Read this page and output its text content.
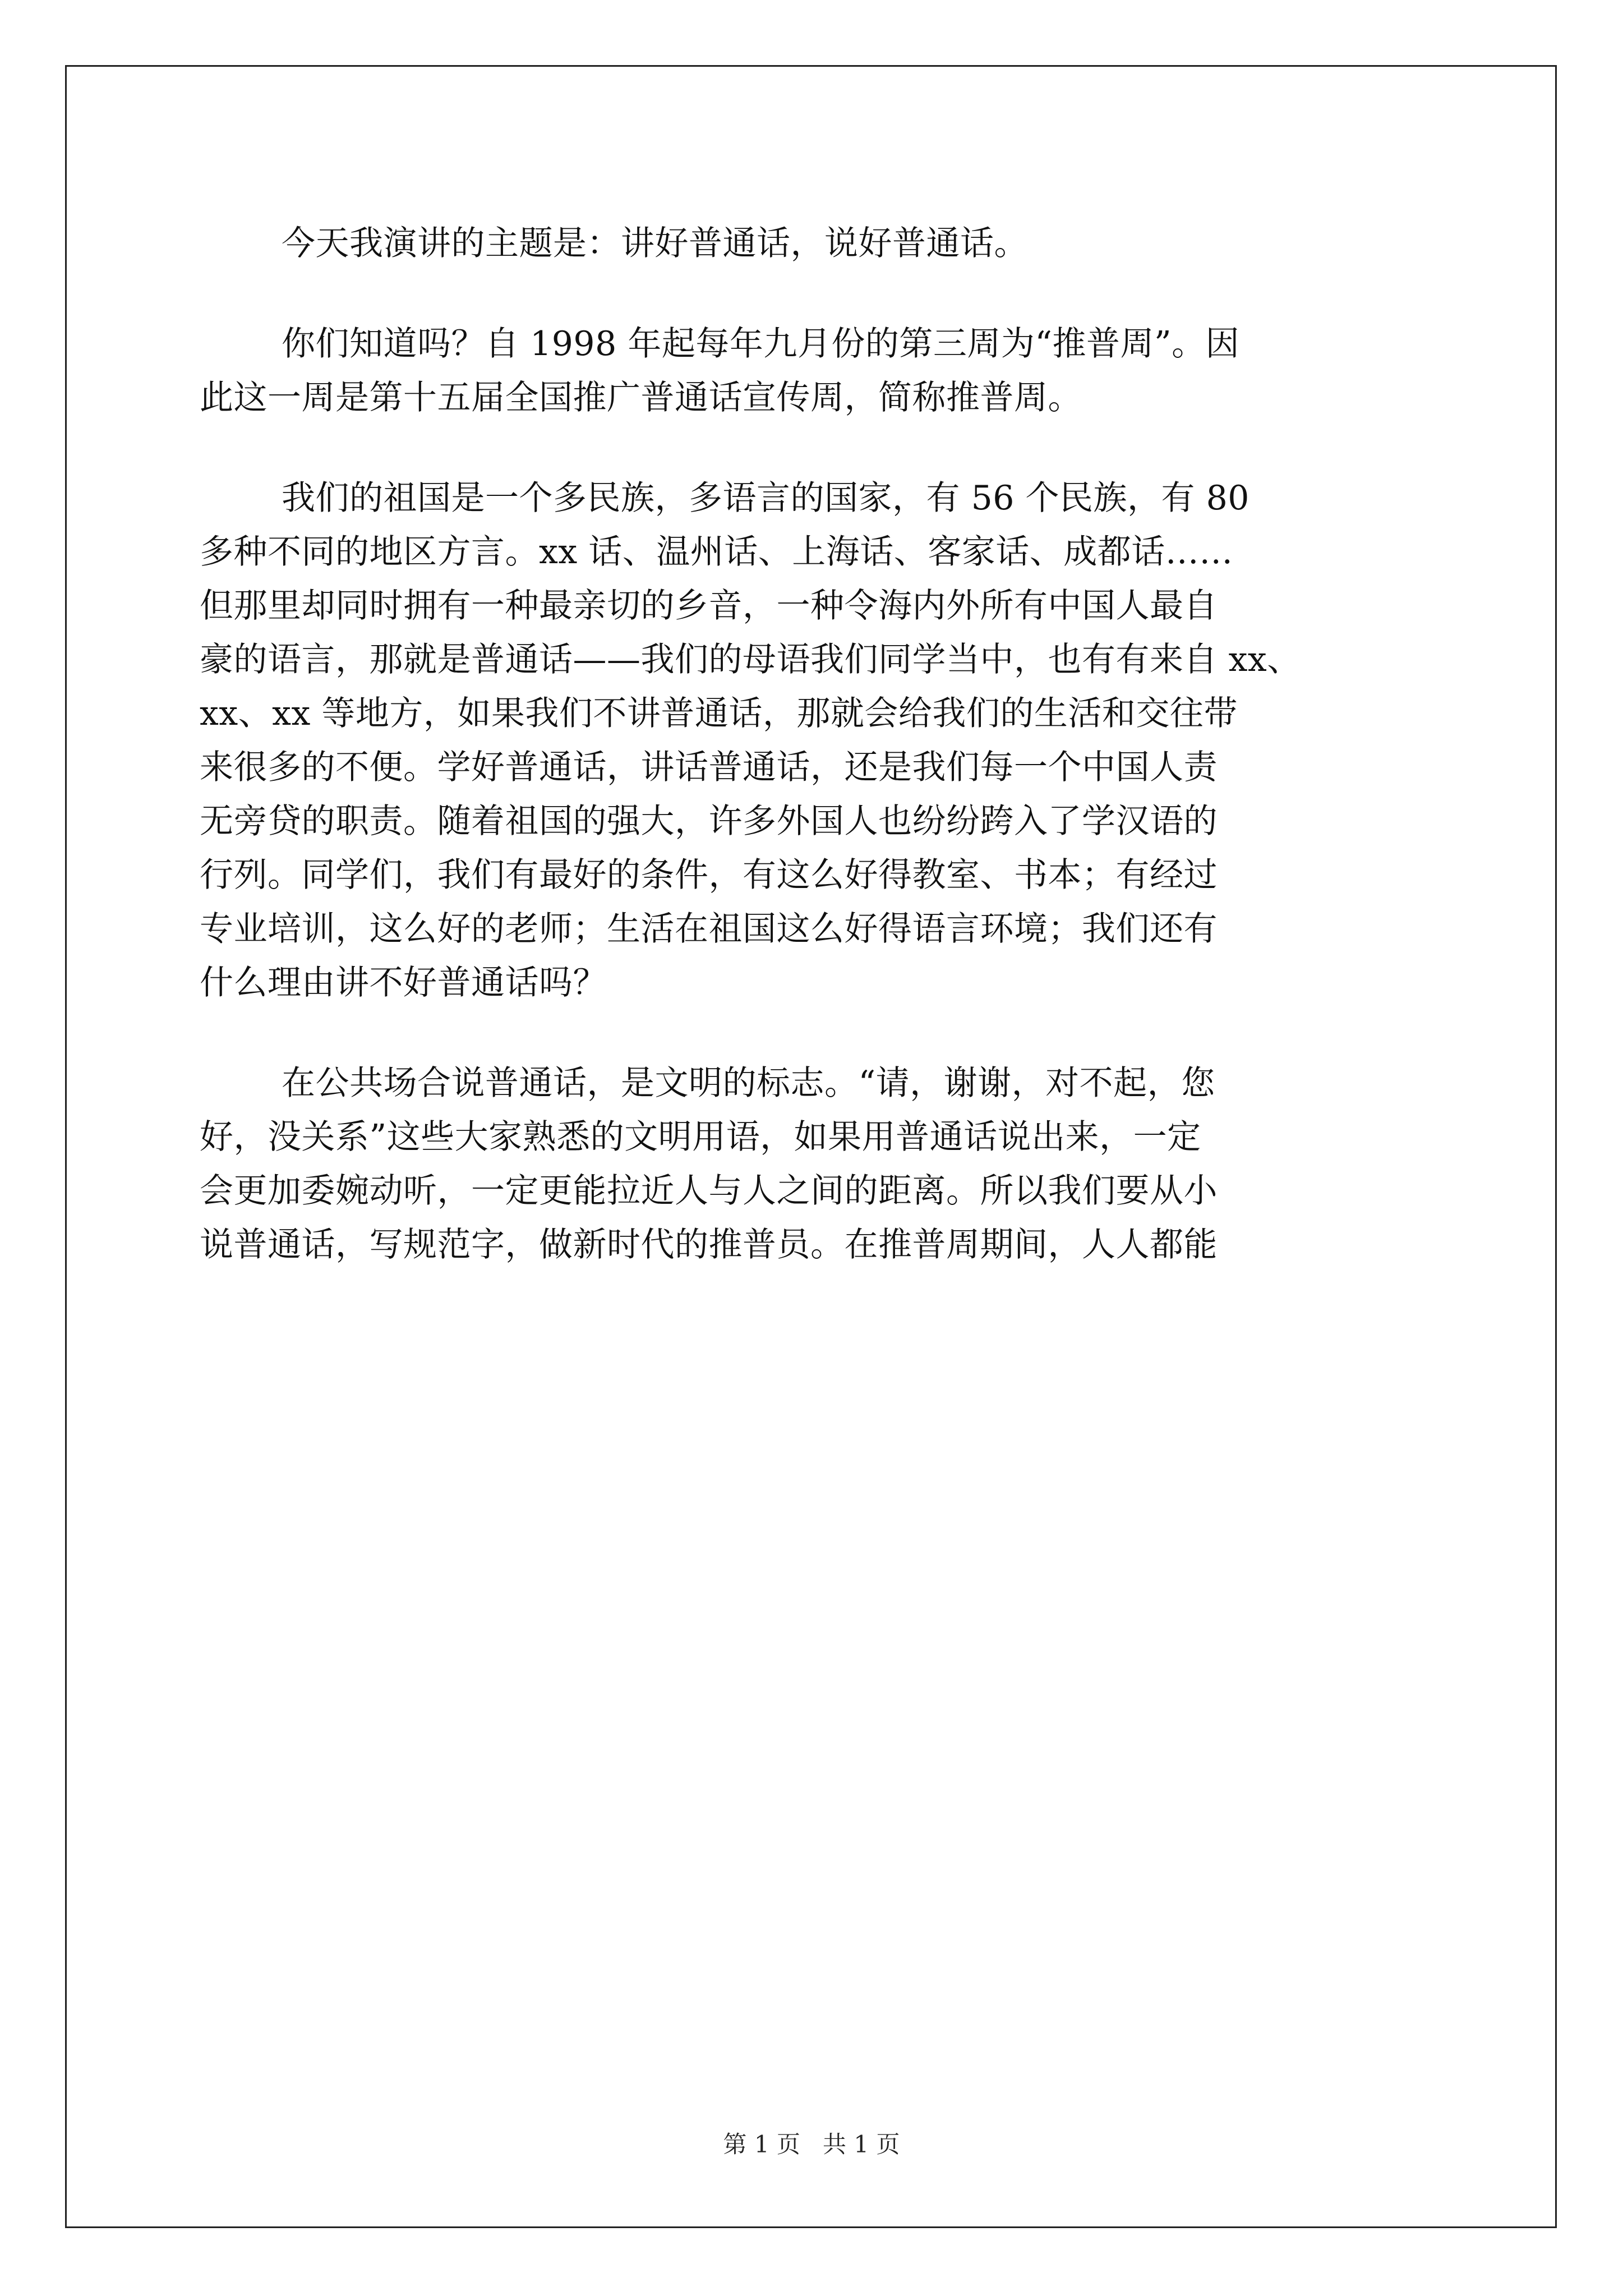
今天我演讲的主题是：讲好普通话，说好普通话。
你们知道吗？自 1998 年起每年九月份的第三周为“推普周”。因
此这一周是第十五届全国推广普通话宣传周，简称推普周。
我们的祖国是一个多民族，多语言的国家，有 56 个民族，有 80
多种不同的地区方言。xx 话、温州话、上海话、客家话、成都话……
但那里却同时拥有一种最亲切的乡音，一种令海内外所有中国人最自
豪的语言，那就是普通话——我们的母语我们同学当中，也有有来自 xx、
xx、xx 等地方，如果我们不讲普通话，那就会给我们的生活和交往带
来很多的不便。学好普通话，讲话普通话，还是我们每一个中国人责
无旁贷的职责。随着祖国的强大，许多外国人也纷纷跨入了学汉语的
行列。同学们，我们有最好的条件，有这么好得教室、书本；有经过
专业培训，这么好的老师；生活在祖国这么好得语言环境；我们还有
什么理由讲不好普通话吗？
在公共场合说普通话，是文明的标志。“请，谢谢，对不起，您
好，没关系”这些大家熟悉的文明用语，如果用普通话说出来，一定
会更加委婉动听，一定更能拉近人与人之间的距离。所以我们要从小
说普通话，写规范字，做新时代的推普员。在推普周期间，人人都能
第 1 页   共 1 页
